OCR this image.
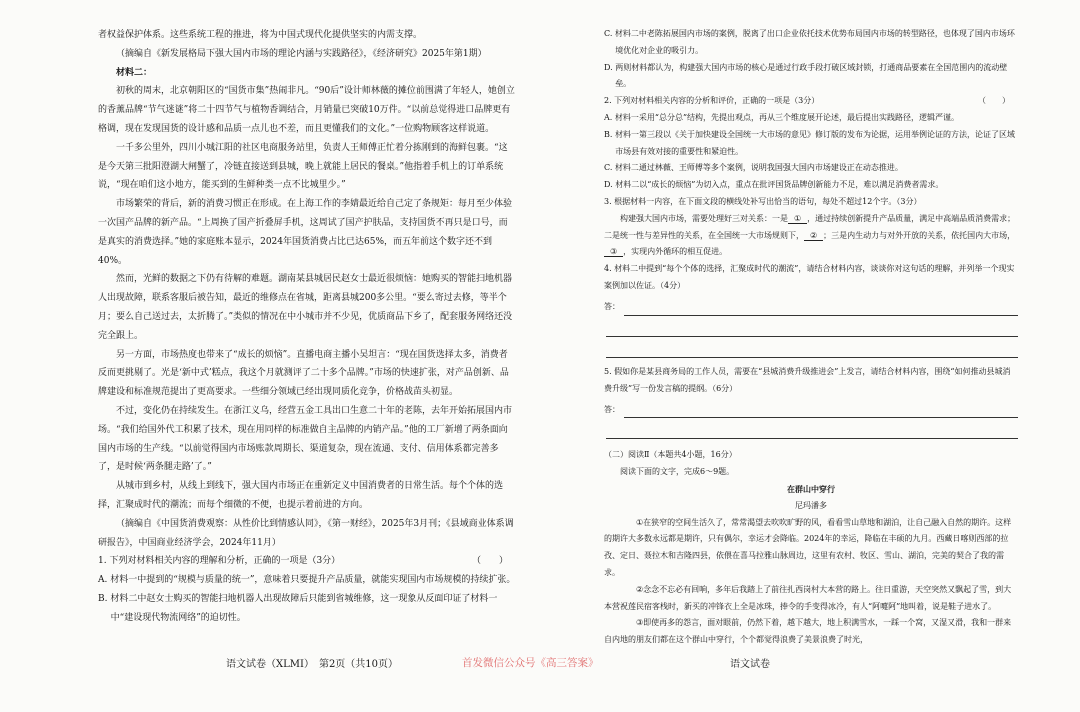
者权益保护体系。这些系统工程的推进，将为中国式现代化提供坚实的内需支撑。

（摘编自《新发展格局下强大国内市场的理论内涵与实践路径》，《经济研究》2025年第1期）

材料二：

初秋的周末，北京朝阳区的“国货市集”热闹非凡。“90后”设计师林薇的摊位前围满了年轻人，她创立的香薰品牌“节气迷谜”将二十四节气与植物香调结合，月销量已突破10万件。“以前总觉得进口品牌更有格调，现在发现国货的设计感和品质一点儿也不差，而且更懂我们的文化。”一位购物顾客这样说道。

一千多公里外，四川小城江阳的社区电商服务站里，负责人王师傅正忙着分拣刚到的海鲜包裹。“这是今天第三批阳澄湖大闸蟹了，冷链直接送到县城，晚上就能上居民的餐桌。”他指着手机上的订单系统说，“现在咱们这小地方，能买到的生鲜种类一点不比城里少。”

市场繁荣的背后，新的消费习惯正在形成。在上海工作的李婧最近给自己定了条规矩：每月至少体验一次国产品牌的新产品。“上周换了国产折叠屏手机，这周试了国产护肤品，支持国货不再只是口号，而是真实的消费选择。”她的家庭账本显示，2024年国货消费占比已达65%，而五年前这个数字还不到40%。

然而，光鲜的数据之下仍有待解的难题。湖南某县城居民赵女士最近很烦恼：她购买的智能扫地机器人出现故障，联系客服后被告知，最近的维修点在省城，距离县城200多公里。“要么寄过去修，等半个月；要么自己送过去，太折腾了。”类似的情况在中小城市并不少见，优质商品下乡了，配套服务网络还没完全跟上。

另一方面，市场热度也带来了“成长的烦恼”。直播电商主播小吴坦言：“现在国货选择太多，消费者反而更挑剔了。光是‘新中式’糕点，我这个月就测评了二十多个品牌。”市场的快速扩张，对产品创新、品牌建设和标准规范提出了更高要求。一些细分领域已经出现同质化竞争，价格战苗头初显。

不过，变化仍在持续发生。在浙江义乌，经营五金工具出口生意二十年的老陈，去年开始拓展国内市场。“我们给国外代工积累了技术，现在用同样的标准做自主品牌的内销产品。”他的工厂新增了两条面向国内市场的生产线。“以前觉得国内市场账款周期长、渠道复杂，现在流通、支付、信用体系都完善多了，是时候‘两条腿走路’了。”

从城市到乡村，从线上到线下，强大国内市场正在重新定义中国消费者的日常生活。每个个体的选择，汇聚成时代的潮流；而每个细微的不便，也提示着前进的方向。

（摘编自《中国货消费观察：从性价比到情感认同》，《第一财经》，2025年3月刊；《县域商业体系调研报告》，中国商业经济学会，2024年11月）

1. 下列对材料相关内容的理解和分析，正确的一项是（3分）	（　　）

A. 材料一中提到的“规模与质量的统一”，意味着只要提升产品质量，就能实现国内市场规模的持续扩张。

B. 材料二中赵女士购买的智能扫地机器人出现故障后只能到省城维修，这一现象从反面印证了材料一中“建设现代物流网络”的迫切性。

C. 材料二中老陈拓展国内市场的案例，脱离了出口企业依托技术优势布局国内市场的转型路径，也体现了国内市场环境优化对企业的吸引力。

D. 两则材料都认为，构建强大国内市场的核心是通过行政手段打破区域封锁，打通商品要素在全国范围内的流动壁垒。

2. 下列对材料相关内容的分析和评价，正确的一项是（3分）	（　　）

A. 材料一采用“总分总”结构，先提出观点，再从三个维度展开论述，最后提出实践路径，逻辑严谨。

B. 材料一第三段以《关于加快建设全国统一大市场的意见》修订版的发布为论据，运用举例论证的方法，论证了区域市场县有效对接的重要性和紧迫性。

C. 材料二通过林薇、王师傅等多个案例，说明我国强大国内市场建设正在动态推进。

D. 材料二以“成长的烦恼”为切入点，重点在批评国货品牌创新能力不足，难以满足消费者需求。

3. 根据材料一内容，在下面文段的横线处补写出恰当的语句，每处不超过12个字。（3分）

构建强大国内市场，需要处理好三对关系：一是 ① ，通过持续创新提升产品质量，满足中高端品质消费需求；二是统一性与差异性的关系，在全国统一大市场规则下， ② ；三是内生动力与对外开放的关系，依托国内大市场，③ ，实现内外循环的相互促进。

4. 材料二中提到“每个个体的选择，汇聚成时代的潮流”，请结合材料内容，谈谈你对这句话的理解，并列举一个现实案例加以佐证。（4分）

答：

5. 假如你是某县商务局的工作人员，需要在“县城消费升级推进会”上发言，请结合材料内容，围绕“如何推动县城消费升级”写一份发言稿的提纲。（6分）

答：

（二）阅读Ⅱ（本题共4小题，16分）

阅读下面的文字，完成6～9题。

在群山中穿行

尼玛潘多

①在狭窄的空间生活久了，常常渴望去吹吹旷野的风，看看雪山草地和湖泊，让自己融入自然的期许。这样的期许大多数永远都是期许，只有偶尔，幸运才会降临。2024年的幸运，降临在丰硕的九月。西藏日喀则西部的拉孜、定日、聂拉木和吉隆四县，依偎在喜马拉雅山脉周边，这里有农村、牧区、雪山、湖泊，完美的契合了我的需求。

②念念不忘必有回响，多年后我踏上了前往扎西岗村大本营的路上。往日重游，天空突然又飘起了雪，到大本营祝莲民宿客栈时，新买的冲锋衣上全是冰珠，捧令的手变得冰冷，有人“阿嚏阿”地叫着，说是鞋子进水了。

③即使再多的怨言，面对眼前，仍然下着，越下越大，地上积满雪水，一踩一个窝，又湿又滑，我和一群来自内地的朋友们都在这个群山中穿行，个个都觉得浪费了美景浪费了时光，

语文试卷（XLMI）　第2页（共10页）	首发微信公众号《高三答案》	语文试卷
